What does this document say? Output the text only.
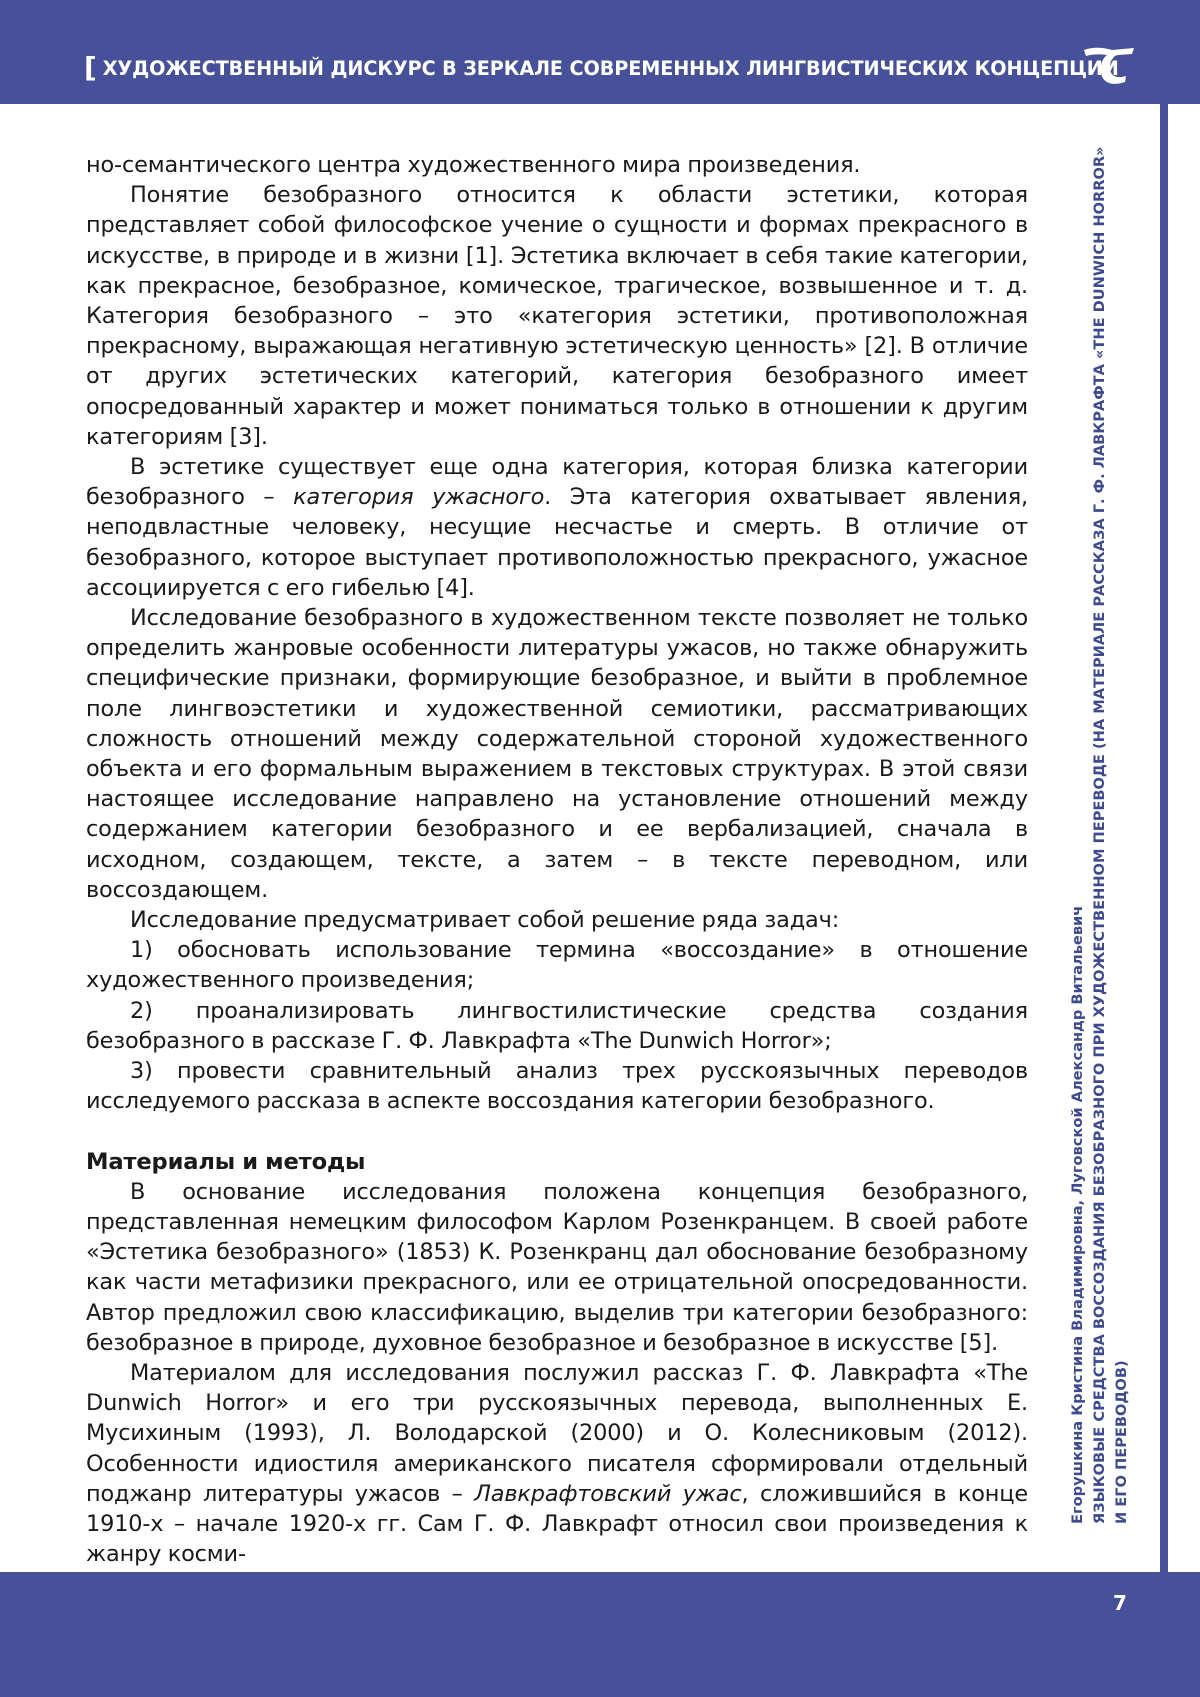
[ ХУДОЖЕСТВЕННЫЙ ДИСКУРС В ЗЕРКАЛЕ СОВРЕМЕННЫХ ЛИНГВИСТИЧЕСКИХ КОНЦЕПЦИЙ
Егорушкина Кристина Владимировна, Луговской Александр Витальевич ЯЗЫКОВЫЕ СРЕДСТВА ВОССОЗДАНИЯ БЕЗОБРАЗНОГО ПРИ ХУДОЖЕСТВЕННОМ ПЕРЕВОДЕ (НА МАТЕРИАЛЕ РАССКАЗА Г. Ф. ЛАВКРАФТА «THE DUNWICH HORROR» И ЕГО ПЕРЕВОДОВ)

но-семантического центра художественного мира произведения.

Понятие безобразного относится к области эстетики, которая представляет собой философское учение о сущности и формах прекрасного в искусстве, в природе и в жизни [1]. Эстетика включает в себя такие категории, как прекрасное, безобразное, комическое, трагическое, возвышенное и т. д. Категория безобразного – это «категория эстетики, противоположная прекрасному, выражающая негативную эстетическую ценность» [2]. В отличие от других эстетических категорий, категория безобразного имеет опосредованный характер и может пониматься только в отношении к другим категориям [3].

В эстетике существует еще одна категория, которая близка категории безобразного – категория ужасного. Эта категория охватывает явления, неподвластные человеку, несущие несчастье и смерть. В отличие от безобразного, которое выступает противоположностью прекрасного, ужасное ассоциируется с его гибелью [4].

Исследование безобразного в художественном тексте позволяет не только определить жанровые особенности литературы ужасов, но также обнаружить специфические признаки, формирующие безобразное, и выйти в проблемное поле лингвоэстетики и художественной семиотики, рассматривающих сложность отношений между содержательной стороной художественного объекта и его формальным выражением в текстовых структурах. В этой связи настоящее исследование направлено на установление отношений между содержанием категории безобразного и ее вербализацией, сначала в исходном, создающем, тексте, а затем – в тексте переводном, или воссоздающем.

Исследование предусматривает собой решение ряда задач:

1) обосновать использование термина «воссоздание» в отношение художественного произведения;

2) проанализировать лингвостилистические средства создания безобразного в рассказе Г. Ф. Лавкрафта «The Dunwich Horror»;

3) провести сравнительный анализ трех русскоязычных переводов исследуемого рассказа в аспекте воссоздания категории безобразного.

Материалы и методы

В основание исследования положена концепция безобразного, представленная немецким философом Карлом Розенкранцем. В своей работе «Эстетика безобразного» (1853) К. Розенкранц дал обоснование безобразному как части метафизики прекрасного, или ее отрицательной опосредованности. Автор предложил свою классификацию, выделив три категории безобразного: безобразное в природе, духовное безобразное и безобразное в искусстве [5].

Материалом для исследования послужил рассказ Г. Ф. Лавкрафта «The Dunwich Horror» и его три русскоязычных перевода, выполненных Е. Мусихиным (1993), Л. Володарской (2000) и О. Колесниковым (2012). Особенности идиостиля американского писателя сформировали отдельный поджанр литературы ужасов – Лавкрафтовский ужас, сложившийся в конце 1910-х – начале 1920-х гг. Сам Г. Ф. Лавкрафт относил свои произведения к жанру косми-

7
